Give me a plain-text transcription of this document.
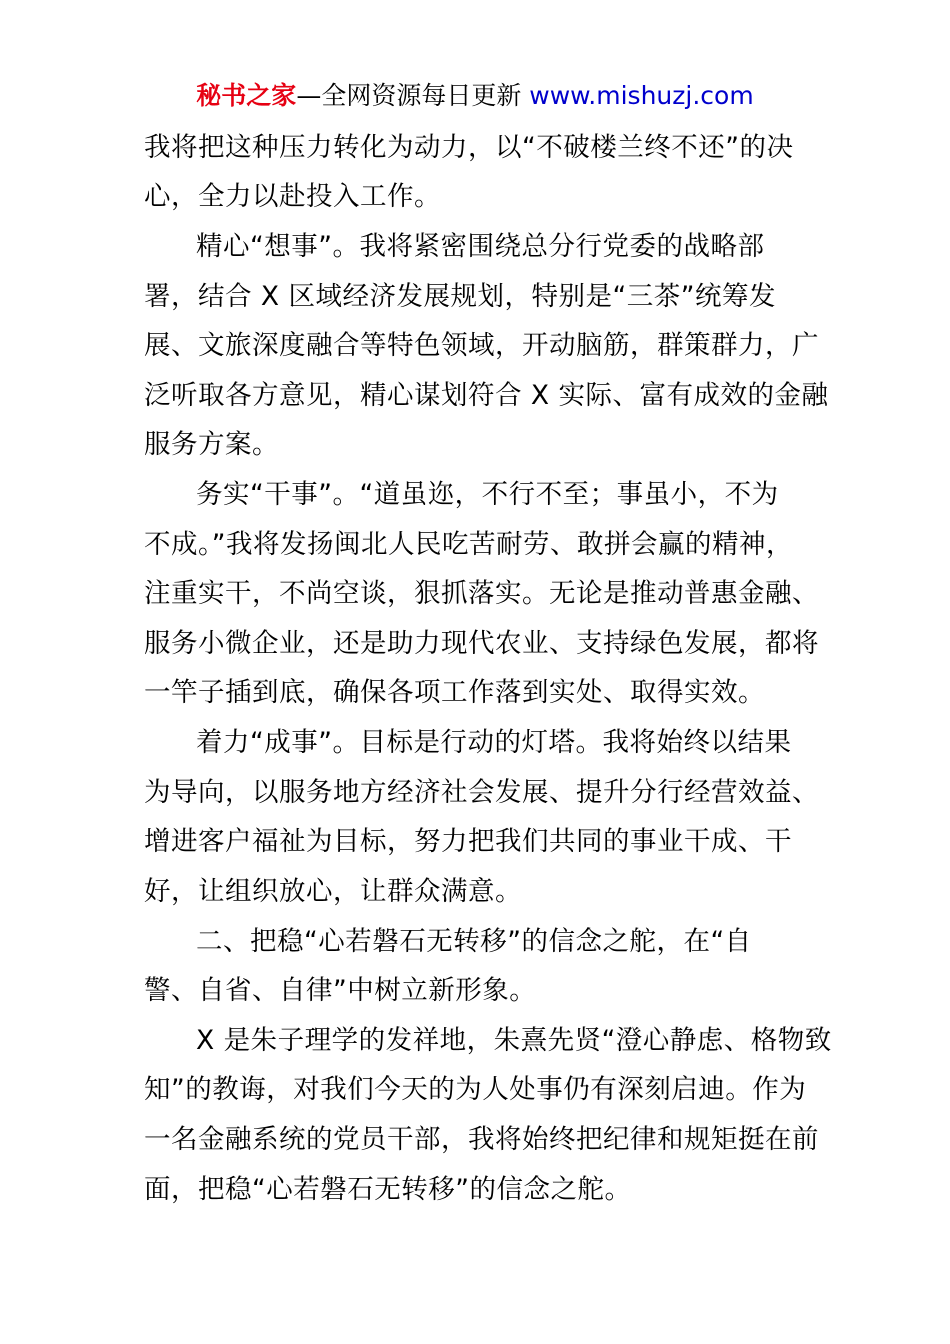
秘书之家—全网资源每日更新 www.mishuzj.com
我将把这种压力转化为动力，以“不破楼兰终不还”的决
心，全力以赴投入工作。
精心“想事”。我将紧密围绕总分行党委的战略部
署，结合 X 区域经济发展规划，特别是“三茶”统筹发
展、文旅深度融合等特色领域，开动脑筋，群策群力，广
泛听取各方意见，精心谋划符合 X 实际、富有成效的金融
服务方案。
务实“干事”。“道虽迩，不行不至；事虽小，不为
不成。”我将发扬闽北人民吃苦耐劳、敢拼会赢的精神，
注重实干，不尚空谈，狠抓落实。无论是推动普惠金融、
服务小微企业，还是助力现代农业、支持绿色发展，都将
一竿子插到底，确保各项工作落到实处、取得实效。
着力“成事”。目标是行动的灯塔。我将始终以结果
为导向，以服务地方经济社会发展、提升分行经营效益、
增进客户福祉为目标，努力把我们共同的事业干成、干
好，让组织放心，让群众满意。
二、把稳“心若磐石无转移”的信念之舵，在“自
警、自省、自律”中树立新形象。
X 是朱子理学的发祥地，朱熹先贤“澄心静虑、格物致
知”的教诲，对我们今天的为人处事仍有深刻启迪。作为
一名金融系统的党员干部，我将始终把纪律和规矩挺在前
面，把稳“心若磐石无转移”的信念之舵。
